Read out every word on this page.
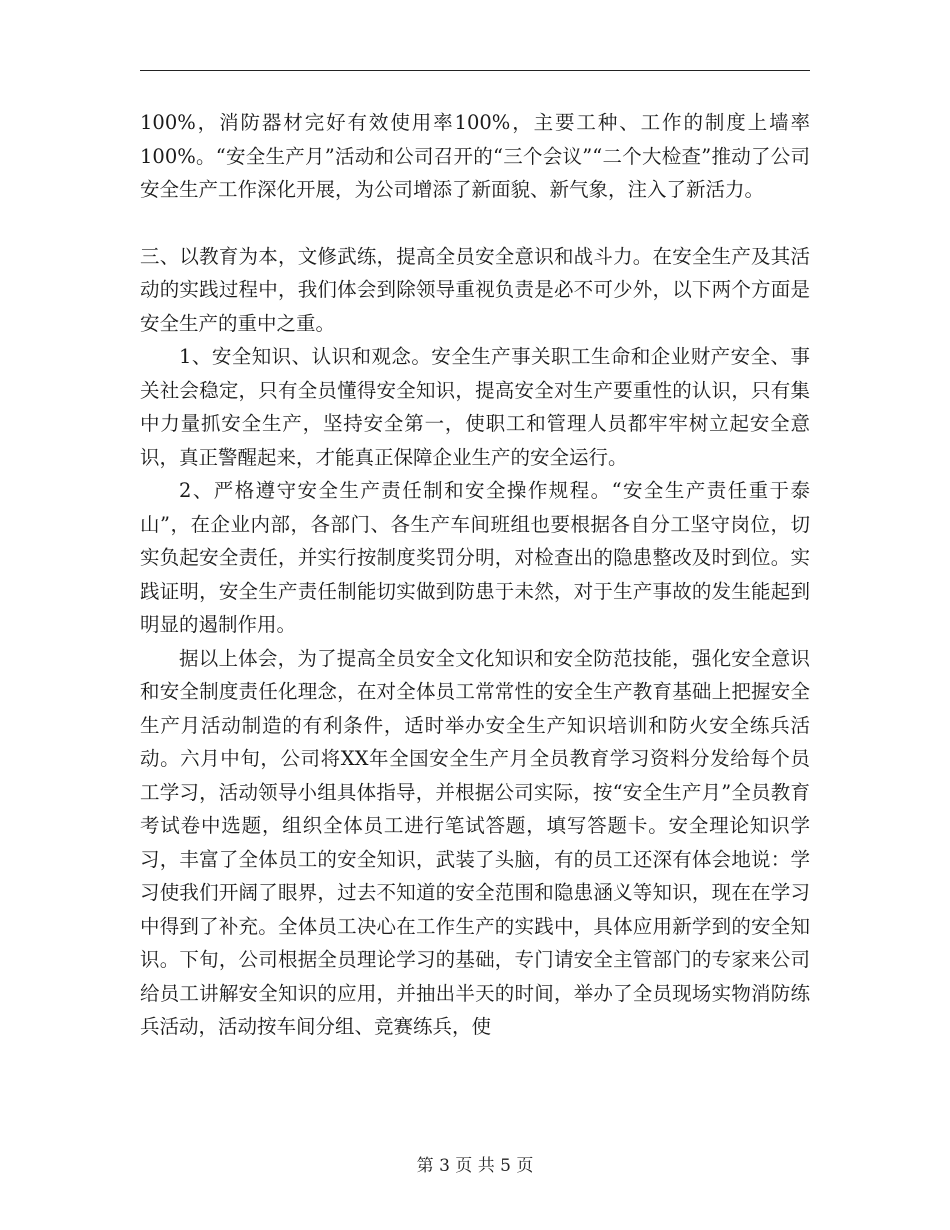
100%，消防器材完好有效使用率100%，主要工种、工作的制度上墙率100%。“安全生产月”活动和公司召开的“三个会议”“二个大检查”推动了公司安全生产工作深化开展，为公司增添了新面貌、新气象，注入了新活力。

三、以教育为本，文修武练，提高全员安全意识和战斗力。在安全生产及其活动的实践过程中，我们体会到除领导重视负责是必不可少外，以下两个方面是安全生产的重中之重。

1、安全知识、认识和观念。安全生产事关职工生命和企业财产安全、事关社会稳定，只有全员懂得安全知识，提高安全对生产要重性的认识，只有集中力量抓安全生产，坚持安全第一，使职工和管理人员都牢牢树立起安全意识，真正警醒起来，才能真正保障企业生产的安全运行。

2、严格遵守安全生产责任制和安全操作规程。“安全生产责任重于泰山”，在企业内部，各部门、各生产车间班组也要根据各自分工坚守岗位，切实负起安全责任，并实行按制度奖罚分明，对检查出的隐患整改及时到位。实践证明，安全生产责任制能切实做到防患于未然，对于生产事故的发生能起到明显的遏制作用。

据以上体会，为了提高全员安全文化知识和安全防范技能，强化安全意识和安全制度责任化理念，在对全体员工常常性的安全生产教育基础上把握安全生产月活动制造的有利条件，适时举办安全生产知识培训和防火安全练兵活动。六月中旬，公司将XX年全国安全生产月全员教育学习资料分发给每个员工学习，活动领导小组具体指导，并根据公司实际，按“安全生产月”全员教育考试卷中选题，组织全体员工进行笔试答题，填写答题卡。安全理论知识学习，丰富了全体员工的安全知识，武装了头脑，有的员工还深有体会地说：学习使我们开阔了眼界，过去不知道的安全范围和隐患涵义等知识，现在在学习中得到了补充。全体员工决心在工作生产的实践中，具体应用新学到的安全知识。下旬，公司根据全员理论学习的基础，专门请安全主管部门的专家来公司给员工讲解安全知识的应用，并抽出半天的时间，举办了全员现场实物消防练兵活动，活动按车间分组、竞赛练兵，使

第 3 页 共 5 页
